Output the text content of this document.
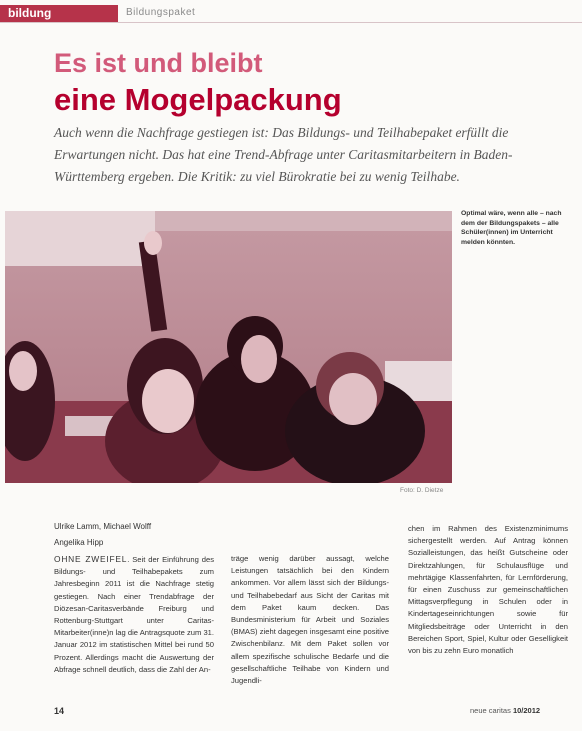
bildung	Bildungspaket
Es ist und bleibt
eine Mogelpackung
Auch wenn die Nachfrage gestiegen ist: Das Bildungs- und Teilhabepaket erfüllt die Erwartungen nicht. Das hat eine Trend-Abfrage unter Caritasmitarbeitern in Baden-Württemberg ergeben. Die Kritik: zu viel Bürokratie bei zu wenig Teilhabe.
Optimal wäre, wenn alle – nach dem der Bildungspakets – alle Schüler(innen) im Unterricht melden könnten.
Foto: D. Dietze
Ulrike Lamm, Michael Wolff
Angelika Hipp
OHNE ZWEIFEL. Seit der Einführung des Bildungs- und Teilhabepakets zum Jahresbeginn 2011 ist die Nachfrage stetig gestiegen. Nach einer Trendabfrage der Diözesan-Caritasverbände Freiburg und Rottenburg-Stuttgart unter Caritas-Mitarbeiter(inne)n lag die Antragsquote zum 31. Januar 2012 im statistischen Mittel bei rund 50 Prozent. Allerdings macht die Auswertung der Abfrage schnell deutlich, dass die Zahl der An-
träge wenig darüber aussagt, welche Leistungen tatsächlich bei den Kindern ankommen. Vor allem lässt sich der Bildungs- und Teilhabebedarf aus Sicht der Caritas mit dem Paket kaum decken. Das Bundesministerium für Arbeit und Soziales (BMAS) zieht dagegen insgesamt eine positive Zwischenbilanz. Mit dem Paket sollen vor allem spezifische schulische Bedarfe und die gesellschaftliche Teilhabe von Kindern und Jugendli-
chen im Rahmen des Existenzminimums sichergestellt werden. Auf Antrag können Sozialleistungen, das heißt Gutscheine oder Direktzahlungen, für Schulausflüge und mehrtägige Klassenfahrten, für Lernförderung, für einen Zuschuss zur gemeinschaftlichen Mittagsverpflegung in Schulen oder in Kindertageseinrichtungen sowie für Mitgliedsbeiträge oder Unterricht in den Bereichen Sport, Spiel, Kultur oder Geselligkeit von bis zu zehn Euro monatlich
14	neue caritas 10/2012
